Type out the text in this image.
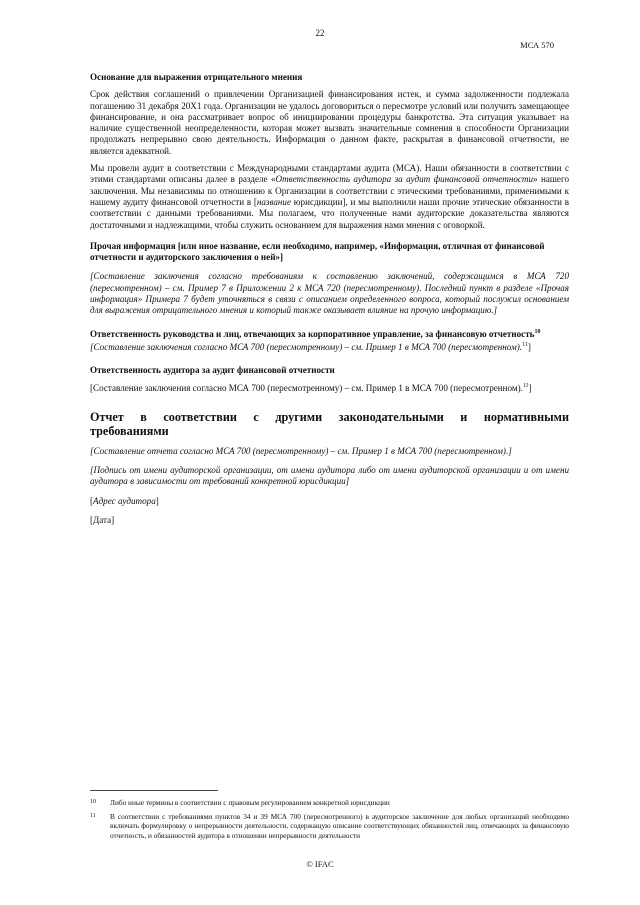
22
МСА 570
Основание для выражения отрицательного мнения

Срок действия соглашений о привлечении Организацией финансирования истек, и сумма задолженности подлежала погашению 31 декабря 20Х1 года. Организации не удалось договориться о пересмотре условий или получить замещающее финансирование, и она рассматривает вопрос об инициировании процедуры банкротства. Эта ситуация указывает на наличие существенной неопределенности, которая может вызвать значительные сомнения в способности Организации продолжать непрерывно свою деятельность. Информация о данном факте, раскрытая в финансовой отчетности, не является адекватной.

Мы провели аудит в соответствии с Международными стандартами аудита (МСА). Наши обязанности в соответствии с этими стандартами описаны далее в разделе «Ответственность аудитора за аудит финансовой отчетности» нашего заключения. Мы независимы по отношению к Организации в соответствии с этическими требованиями, применимыми к нашему аудиту финансовой отчетности в [название юрисдикции], и мы выполнили наши прочие этические обязанности в соответствии с данными требованиями. Мы полагаем, что полученные нами аудиторские доказательства являются достаточными и надлежащими, чтобы служить основанием для выражения нами мнения с оговоркой.

Прочая информация [или иное название, если необходимо, например, «Информация, отличная от финансовой отчетности и аудиторского заключения о ней»]

[Составление заключения согласно требованиям к составлению заключений, содержащимся в МСА 720 (пересмотренном) – см. Пример 7 в Приложении 2 к МСА 720 (пересмотренному). Последний пункт в разделе «Прочая информация» Примера 7 будет уточняться в связи с описанием определенного вопроса, который послужил основанием для выражения отрицательного мнения и который также оказывает влияние на прочую информацию.]

Ответственность руководства и лиц, отвечающих за корпоративное управление, за финансовую отчетность$^{10}$

[Составление заключения согласно МСА 700 (пересмотренному) – см. Пример 1 в МСА 700 (пересмотренном).$^{11}$]

Ответственность аудитора за аудит финансовой отчетности

[Составление заключения согласно МСА 700 (пересмотренному) – см. Пример 1 в МСА 700 (пересмотренном).$^{11}$]

Отчет в соответствии с другими законодательными и нормативными требованиями

[Составление отчета согласно МСА 700 (пересмотренному) – см. Пример 1 в МСА 700 (пересмотренном).]

[Подпись от имени аудиторской организации, от имени аудитора либо от имени аудиторской организации и от имени аудитора в зависимости от требований конкретной юрисдикции]

[Адрес аудитора]

[Дата]

10 Либо иные термины в соответствии с правовым регулированием конкретной юрисдикции
11 В соответствии с требованиями пунктов 34 и 39 МСА 700 (пересмотренного) в аудиторское заключение для любых организаций необходимо включать формулировку о непрерывности деятельности, содержащую описание соответствующих обязанностей лиц, отвечающих за финансовую отчетность, и обязанностей аудитора в отношении непрерывности деятельности
© IFAC
